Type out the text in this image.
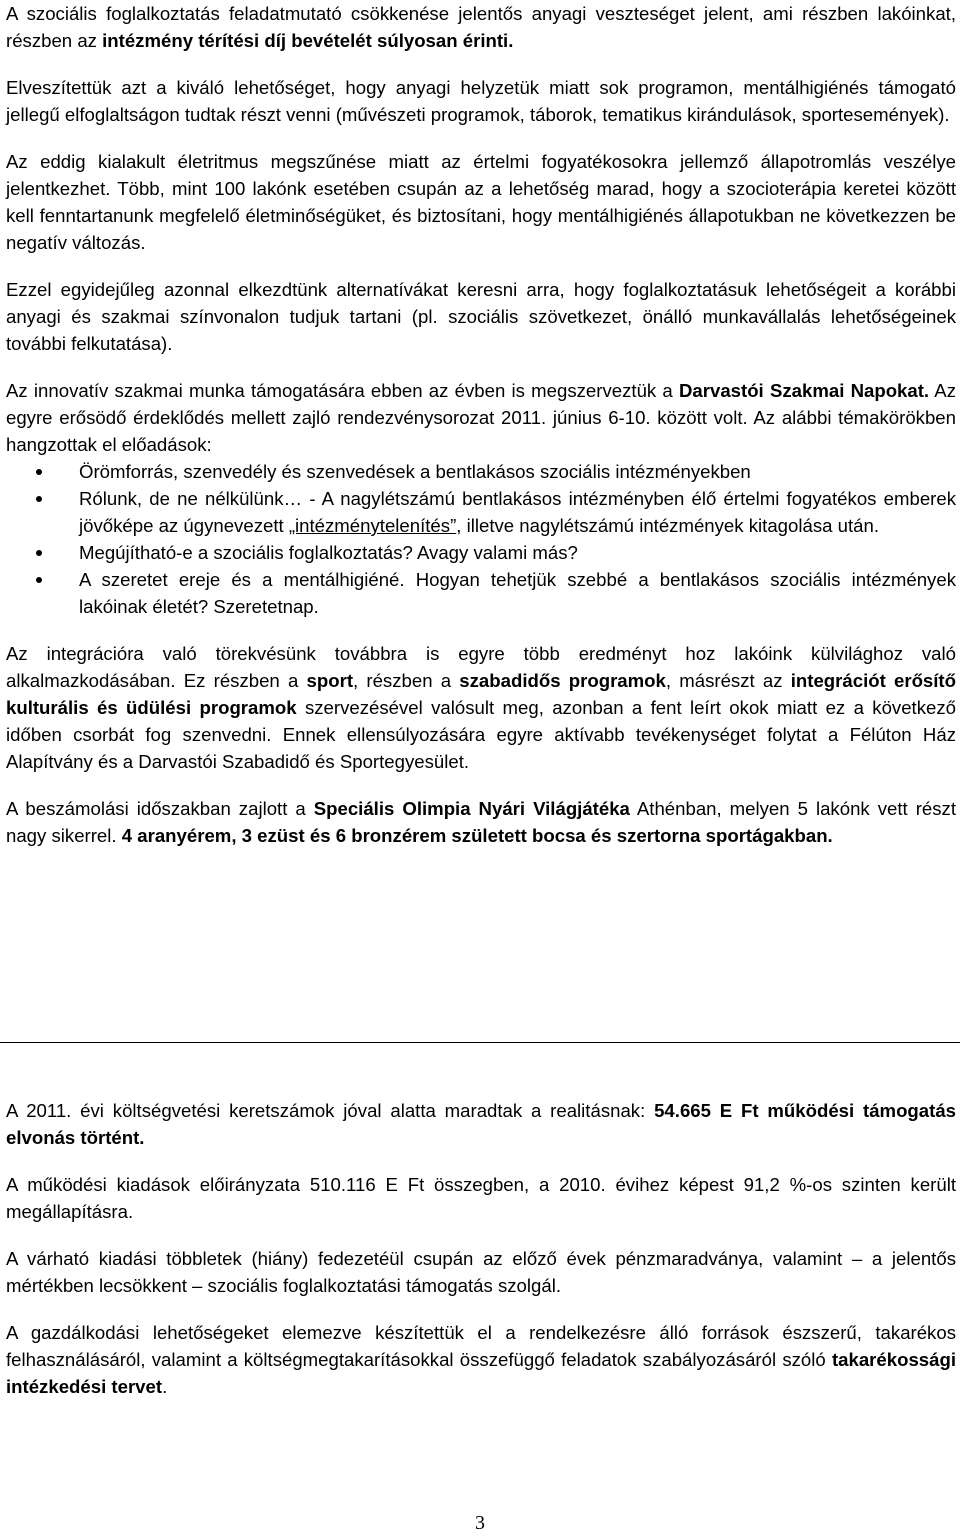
A szociális foglalkoztatás feladatmutató csökkenése jelentős anyagi veszteséget jelent, ami részben lakóinkat, részben az intézmény térítési díj bevételét súlyosan érinti.

Elveszítettük azt a kiváló lehetőséget, hogy anyagi helyzetük miatt sok programon, mentálhigiénés támogató jellegű elfoglaltságon tudtak részt venni (művészeti programok, táborok, tematikus kirándulások, sportesemények).

Az eddig kialakult életritmus megszűnése miatt az értelmi fogyatékosokra jellemző állapotromlás veszélye jelentkezhet. Több, mint 100 lakónk esetében csupán az a lehetőség marad, hogy a szocioterápia keretei között kell fenntartanunk megfelelő életminőségüket, és biztosítani, hogy mentálhigiénés állapotukban ne következzen be negatív változás.

Ezzel egyidejűleg azonnal elkezdtünk alternatívákat keresni arra, hogy foglalkoztatásuk lehetőségeit a korábbi anyagi és szakmai színvonalon tudjuk tartani (pl. szociális szövetkezet, önálló munkavállalás lehetőségeinek további felkutatása).

Az innovatív szakmai munka támogatására ebben az évben is megszerveztük a Darvastói Szakmai Napokat. Az egyre erősödő érdeklődés mellett zajló rendezvénysorozat 2011. június 6-10. között volt. Az alábbi témakörökben hangzottak el előadások:

Örömforrás, szenvedély és szenvedések a bentlakásos szociális intézményekben
Rólunk, de ne nélkülünk… - A nagylétszámú bentlakásos intézményben élő értelmi fogyatékos emberek jövőképe az úgynevezett „intézménytelenítés”, illetve nagylétszámú intézmények kitagolása után.
Megújítható-e a szociális foglalkoztatás? Avagy valami más?
A szeretet ereje és a mentálhigiéné. Hogyan tehetjük szebbé a bentlakásos szociális intézmények lakóinak életét? Szeretetnap.

Az integrációra való törekvésünk továbbra is egyre több eredményt hoz lakóink külvilághoz való alkalmazkodásában. Ez részben a sport, részben a szabadidős programok, másrészt az integrációt erősítő kulturális és üdülési programok szervezésével valósult meg, azonban a fent leírt okok miatt ez a következő időben csorbát fog szenvedni. Ennek ellensúlyozására egyre aktívabb tevékenységet folytat a Félúton Ház Alapítvány és a Darvastói Szabadidő és Sportegyesület.

A beszámolási időszakban zajlott a Speciális Olimpia Nyári Világjátéka Athénban, melyen 5 lakónk vett részt nagy sikerrel. 4 aranyérem, 3 ezüst és 6 bronzérem született bocsa és szertorna sportágakban.

A 2011. évi költségvetési keretszámok jóval alatta maradtak a realitásnak: 54.665 E Ft működési támogatás elvonás történt.

A működési kiadások előirányzata 510.116 E Ft összegben, a 2010. évihez képest 91,2 %-os szinten került megállapításra.

A várható kiadási többletek (hiány) fedezetéül csupán az előző évek pénzmaradványa, valamint – a jelentős mértékben lecsökkent – szociális foglalkoztatási támogatás szolgál.

A gazdálkodási lehetőségeket elemezve készítettük el a rendelkezésre álló források észszerű, takarékos felhasználásáról, valamint a költségmegtakarításokkal összefüggő feladatok szabályozásáról szóló takarékossági intézkedési tervet.

3
